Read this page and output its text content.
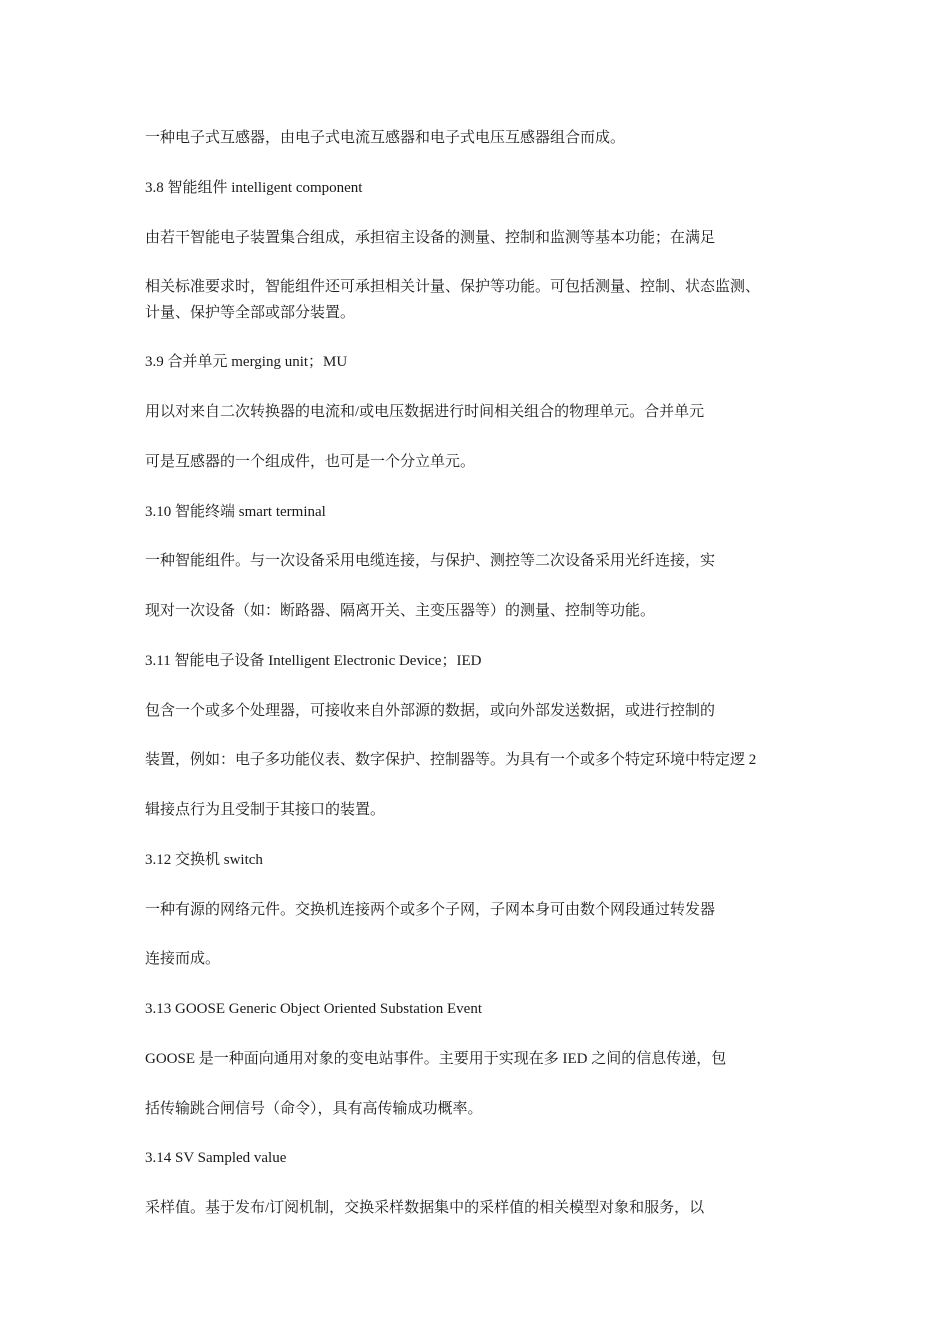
一种电子式互感器，由电子式电流互感器和电子式电压互感器组合而成。
3.8 智能组件 intelligent component
由若干智能电子装置集合组成，承担宿主设备的测量、控制和监测等基本功能；在满足
相关标准要求时，智能组件还可承担相关计量、保护等功能。可包括测量、控制、状态监测、
计量、保护等全部或部分装置。
3.9 合并单元 merging unit；MU
用以对来自二次转换器的电流和/或电压数据进行时间相关组合的物理单元。合并单元
可是互感器的一个组成件，也可是一个分立单元。
3.10 智能终端 smart terminal
一种智能组件。与一次设备采用电缆连接，与保护、测控等二次设备采用光纤连接，实
现对一次设备（如：断路器、隔离开关、主变压器等）的测量、控制等功能。
3.11 智能电子设备 Intelligent Electronic Device；IED
包含一个或多个处理器，可接收来自外部源的数据，或向外部发送数据，或进行控制的
装置，例如：电子多功能仪表、数字保护、控制器等。为具有一个或多个特定环境中特定逻 2
辑接点行为且受制于其接口的装置。
3.12 交换机 switch
一种有源的网络元件。交换机连接两个或多个子网，子网本身可由数个网段通过转发器
连接而成。
3.13 GOOSE Generic Object Oriented Substation Event
GOOSE 是一种面向通用对象的变电站事件。主要用于实现在多 IED 之间的信息传递，包
括传输跳合闸信号（命令），具有高传输成功概率。
3.14 SV Sampled value
采样值。基于发布/订阅机制，交换采样数据集中的采样值的相关模型对象和服务，以
